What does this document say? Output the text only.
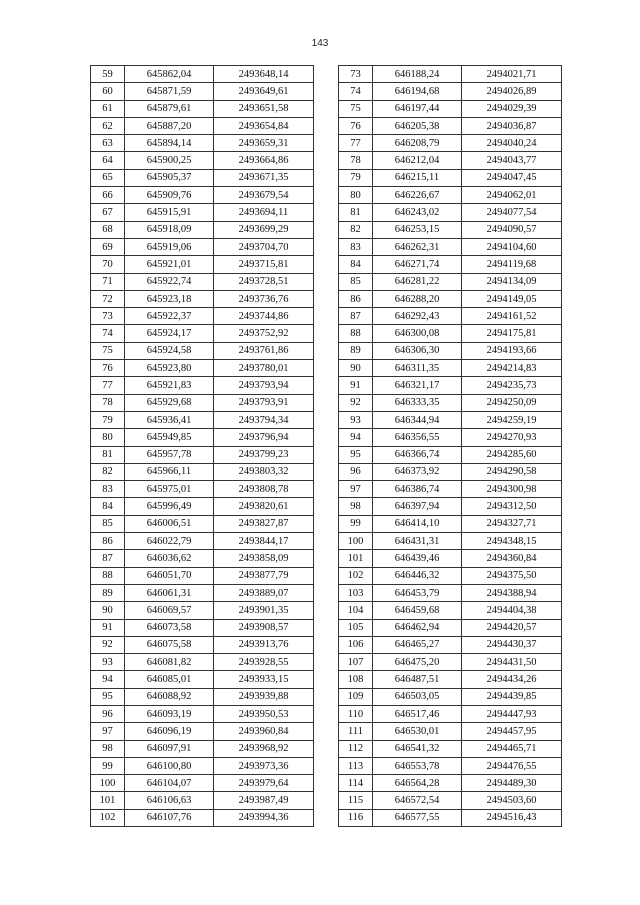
143
59	645862,04	2493648,14
60	645871,59	2493649,61
61	645879,61	2493651,58
62	645887,20	2493654,84
63	645894,14	2493659,31
64	645900,25	2493664,86
65	645905,37	2493671,35
66	645909,76	2493679,54
67	645915,91	2493694,11
68	645918,09	2493699,29
69	645919,06	2493704,70
70	645921,01	2493715,81
71	645922,74	2493728,51
72	645923,18	2493736,76
73	645922,37	2493744,86
74	645924,17	2493752,92
75	645924,58	2493761,86
76	645923,80	2493780,01
77	645921,83	2493793,94
78	645929,68	2493793,91
79	645936,41	2493794,34
80	645949,85	2493796,94
81	645957,78	2493799,23
82	645966,11	2493803,32
83	645975,01	2493808,78
84	645996,49	2493820,61
85	646006,51	2493827,87
86	646022,79	2493844,17
87	646036,62	2493858,09
88	646051,70	2493877,79
89	646061,31	2493889,07
90	646069,57	2493901,35
91	646073,58	2493908,57
92	646075,58	2493913,76
93	646081,82	2493928,55
94	646085,01	2493933,15
95	646088,92	2493939,88
96	646093,19	2493950,53
97	646096,19	2493960,84
98	646097,91	2493968,92
99	646100,80	2493973,36
100	646104,07	2493979,64
101	646106,63	2493987,49
102	646107,76	2493994,36
73	646188,24	2494021,71
74	646194,68	2494026,89
75	646197,44	2494029,39
76	646205,38	2494036,87
77	646208,79	2494040,24
78	646212,04	2494043,77
79	646215,11	2494047,45
80	646226,67	2494062,01
81	646243,02	2494077,54
82	646253,15	2494090,57
83	646262,31	2494104,60
84	646271,74	2494119,68
85	646281,22	2494134,09
86	646288,20	2494149,05
87	646292,43	2494161,52
88	646300,08	2494175,81
89	646306,30	2494193,66
90	646311,35	2494214,83
91	646321,17	2494235,73
92	646333,35	2494250,09
93	646344,94	2494259,19
94	646356,55	2494270,93
95	646366,74	2494285,60
96	646373,92	2494290,58
97	646386,74	2494300,98
98	646397,94	2494312,50
99	646414,10	2494327,71
100	646431,31	2494348,15
101	646439,46	2494360,84
102	646446,32	2494375,50
103	646453,79	2494388,94
104	646459,68	2494404,38
105	646462,94	2494420,57
106	646465,27	2494430,37
107	646475,20	2494431,50
108	646487,51	2494434,26
109	646503,05	2494439,85
110	646517,46	2494447,93
111	646530,01	2494457,95
112	646541,32	2494465,71
113	646553,78	2494476,55
114	646564,28	2494489,30
115	646572,54	2494503,60
116	646577,55	2494516,43
